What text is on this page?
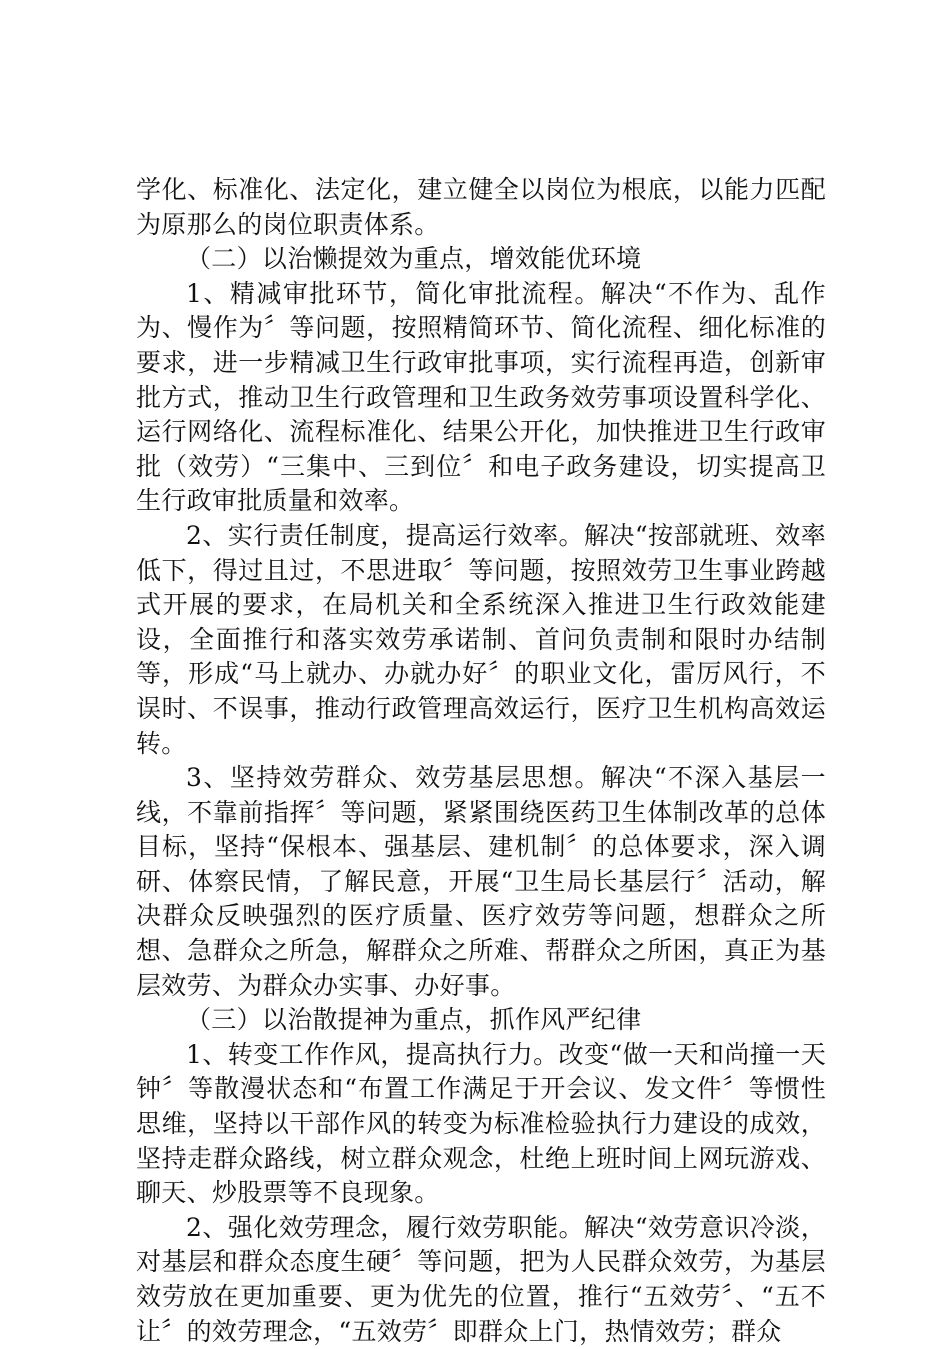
学化、标准化、法定化，建立健全以岗位为根底，以能力匹配为原那么的岗位职责体系。

（二）以治懒提效为重点，增效能优环境

1、精减审批环节，简化审批流程。解决“不作为、乱作为、慢作为〞等问题，按照精简环节、简化流程、细化标准的要求，进一步精减卫生行政审批事项，实行流程再造，创新审批方式，推动卫生行政管理和卫生政务效劳事项设置科学化、运行网络化、流程标准化、结果公开化，加快推进卫生行政审批（效劳）“三集中、三到位〞和电子政务建设，切实提高卫生行政审批质量和效率。

2、实行责任制度，提高运行效率。解决“按部就班、效率低下，得过且过，不思进取〞等问题，按照效劳卫生事业跨越式开展的要求，在局机关和全系统深入推进卫生行政效能建设，全面推行和落实效劳承诺制、首问负责制和限时办结制等，形成“马上就办、办就办好〞的职业文化，雷厉风行，不误时、不误事，推动行政管理高效运行，医疗卫生机构高效运转。

3、坚持效劳群众、效劳基层思想。解决“不深入基层一线，不靠前指挥〞等问题，紧紧围绕医药卫生体制改革的总体目标，坚持“保根本、强基层、建机制〞的总体要求，深入调研、体察民情，了解民意，开展“卫生局长基层行〞活动，解决群众反映强烈的医疗质量、医疗效劳等问题，想群众之所想、急群众之所急，解群众之所难、帮群众之所困，真正为基层效劳、为群众办实事、办好事。

（三）以治散提神为重点，抓作风严纪律

1、转变工作作风，提高执行力。改变“做一天和尚撞一天钟〞等散漫状态和“布置工作满足于开会议、发文件〞等惯性思维，坚持以干部作风的转变为标准检验执行力建设的成效，坚持走群众路线，树立群众观念，杜绝上班时间上网玩游戏、聊天、炒股票等不良现象。

2、强化效劳理念，履行效劳职能。解决“效劳意识冷淡，对基层和群众态度生硬〞等问题，把为人民群众效劳，为基层效劳放在更加重要、更为优先的位置，推行“五效劳〞、“五不让〞的效劳理念，“五效劳〞即群众上门，热情效劳；群众
